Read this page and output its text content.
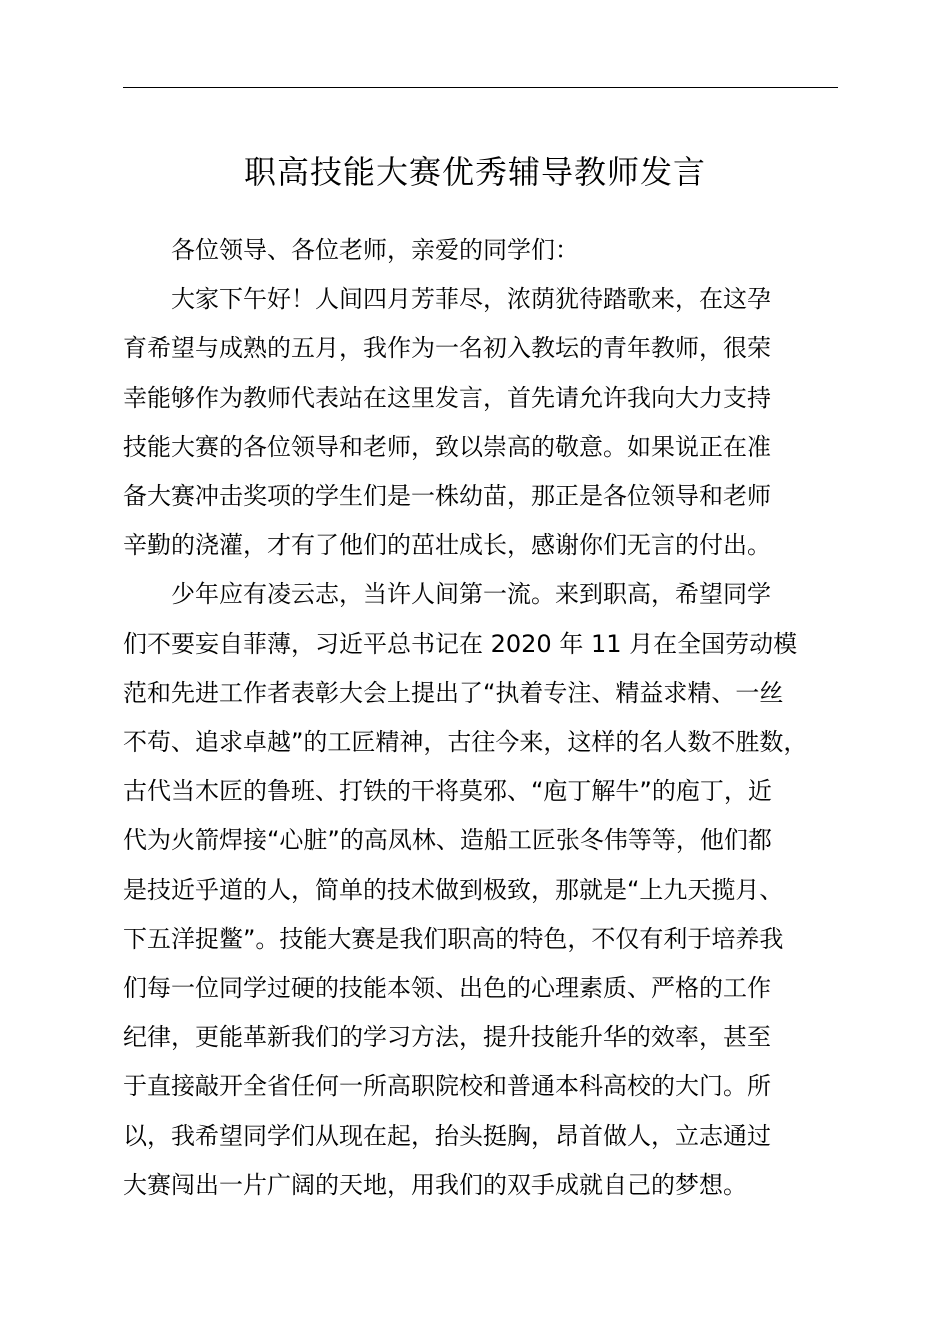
职高技能大赛优秀辅导教师发言

各位领导、各位老师，亲爱的同学们：

大家下午好！人间四月芳菲尽，浓荫犹待踏歌来，在这孕
育希望与成熟的五月，我作为一名初入教坛的青年教师，很荣
幸能够作为教师代表站在这里发言，首先请允许我向大力支持
技能大赛的各位领导和老师，致以崇高的敬意。如果说正在准
备大赛冲击奖项的学生们是一株幼苗，那正是各位领导和老师
辛勤的浇灌，才有了他们的茁壮成长，感谢你们无言的付出。

少年应有凌云志，当许人间第一流。来到职高，希望同学
们不要妄自菲薄，习近平总书记在 2020 年 11 月在全国劳动模
范和先进工作者表彰大会上提出了“执着专注、精益求精、一丝
不苟、追求卓越”的工匠精神，古往今来，这样的名人数不胜数，
古代当木匠的鲁班、打铁的干将莫邪、“庖丁解牛”的庖丁，近
代为火箭焊接“心脏”的高凤林、造船工匠张冬伟等等，他们都
是技近乎道的人，简单的技术做到极致，那就是“上九天揽月、
下五洋捉鳖”。技能大赛是我们职高的特色，不仅有利于培养我
们每一位同学过硬的技能本领、出色的心理素质、严格的工作
纪律，更能革新我们的学习方法，提升技能升华的效率，甚至
于直接敲开全省任何一所高职院校和普通本科高校的大门。所
以，我希望同学们从现在起，抬头挺胸，昂首做人，立志通过
大赛闯出一片广阔的天地，用我们的双手成就自己的梦想。
